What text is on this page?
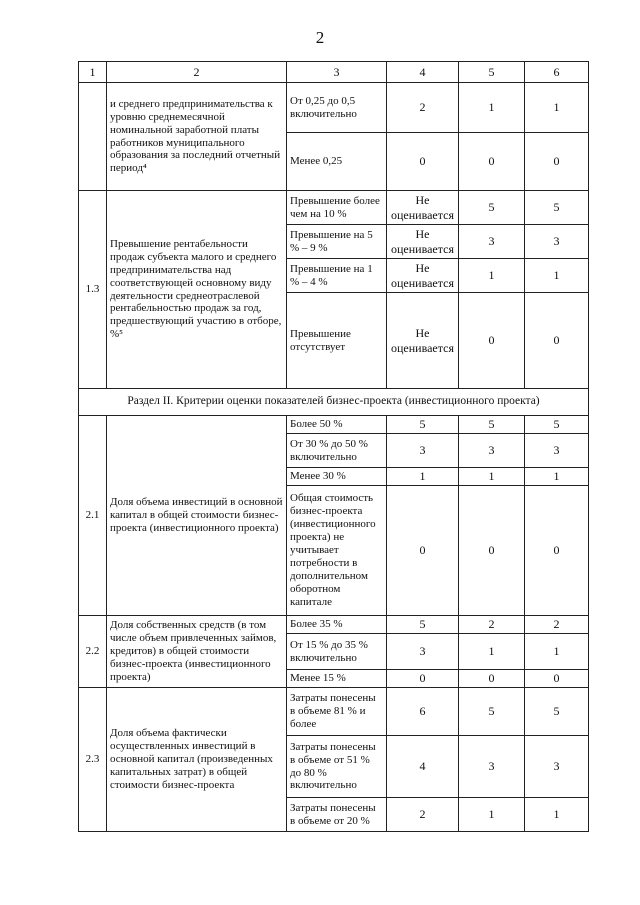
2
1	2	3	4	5	6
	и среднего предпринимательства к уровню среднемесячной номинальной заработной платы работников муниципального образования за последний отчетный период⁴	От 0,25 до 0,5 включительно	2	1	1
		Менее 0,25	0	0	0
1.3	Превышение рентабельности продаж субъекта малого и среднего предпринимательства над соответствующей основному виду деятельности среднеотраслевой рентабельностью продаж за год, предшествующий участию в отборе, %⁵	Превышение более чем на 10 %	Не оценивается	5	5
		Превышение на 5 % – 9 %	Не оценивается	3	3
		Превышение на 1 % – 4 %	Не оценивается	1	1
		Превышение отсутствует	Не оценивается	0	0
Раздел II. Критерии оценки показателей бизнес-проекта (инвестиционного проекта)					
2.1	Доля объема инвестиций в основной капитал в общей стоимости бизнес-проекта (инвестиционного проекта)	Более 50 %	5	5	5
		От 30 % до 50 % включительно	3	3	3
		Менее 30 %	1	1	1
		Общая стоимость бизнес-проекта (инвестиционного проекта) не учитывает потребности в дополнительном оборотном капитале	0	0	0
2.2	Доля собственных средств (в том числе объем привлеченных займов, кредитов) в общей стоимости бизнес-проекта (инвестиционного проекта)	Более 35 %	5	2	2
		От 15 % до 35 % включительно	3	1	1
		Менее 15 %	0	0	0
2.3	Доля объема фактически осуществленных инвестиций в основной капитал (произведенных капитальных затрат) в общей стоимости бизнес-проекта	Затраты понесены в объеме 81 % и более	6	5	5
		Затраты понесены в объеме от 51 % до 80 % включительно	4	3	3
		Затраты понесены в объеме от 20 %	2	1	1
